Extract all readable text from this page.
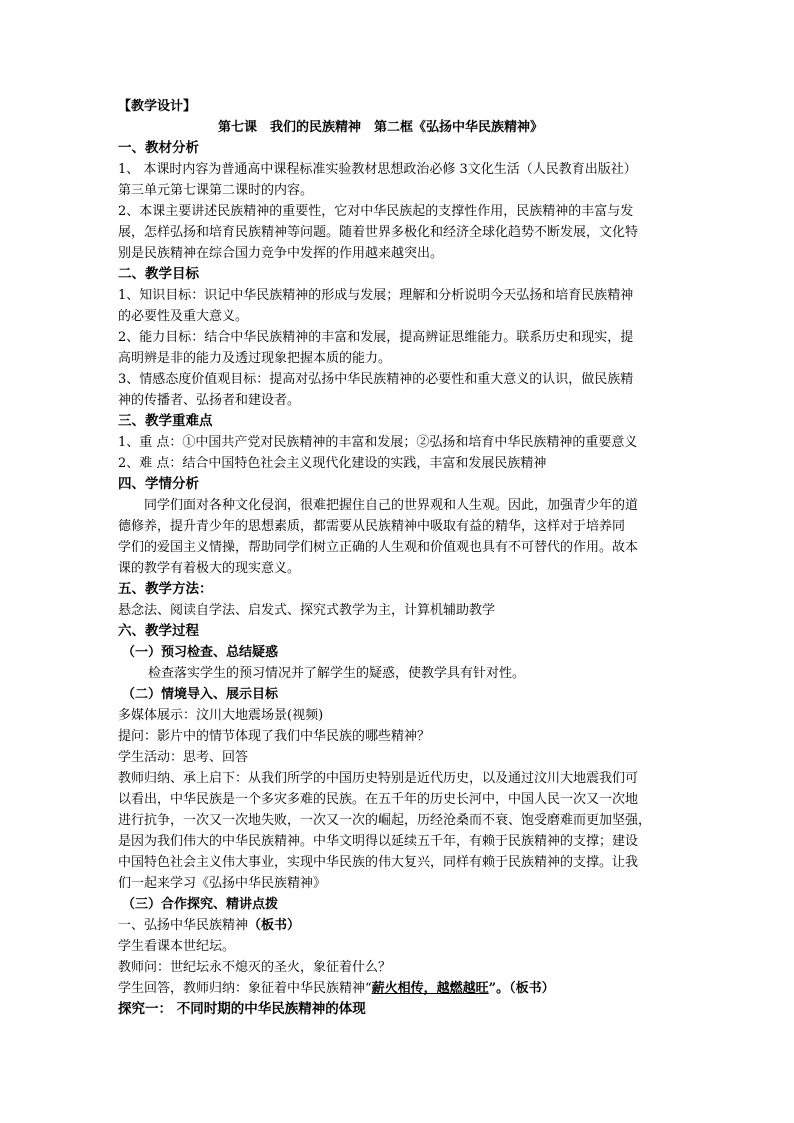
【教学设计】

第七课　我们的民族精神　第二框《弘扬中华民族精神》

一、教材分析

1、 本课时内容为普通高中课程标准实验教材思想政治必修 3文化生活（人民教育出版社）

第三单元第七课第二课时的内容。

2、本课主要讲述民族精神的重要性，它对中华民族起的支撑性作用，民族精神的丰富与发

展，怎样弘扬和培育民族精神等问题。随着世界多极化和经济全球化趋势不断发展，文化特

别是民族精神在综合国力竞争中发挥的作用越来越突出。

二、教学目标

1、知识目标：识记中华民族精神的形成与发展；理解和分析说明今天弘扬和培育民族精神

的必要性及重大意义。

2、能力目标：结合中华民族精神的丰富和发展，提高辨证思维能力。联系历史和现实，提

高明辨是非的能力及透过现象把握本质的能力。

3、情感态度价值观目标：提高对弘扬中华民族精神的必要性和重大意义的认识，做民族精

神的传播者、弘扬者和建设者。

三、教学重难点

1、重 点：①中国共产党对民族精神的丰富和发展；②弘扬和培育中华民族精神的重要意义

2、难 点：结合中国特色社会主义现代化建设的实践，丰富和发展民族精神

四、学情分析

同学们面对各种文化侵润，很难把握住自己的世界观和人生观。因此，加强青少年的道

德修养，提升青少年的思想素质，都需要从民族精神中吸取有益的精华，这样对于培养同

学们的爱国主义情操，帮助同学们树立正确的人生观和价值观也具有不可替代的作用。故本

课的教学有着极大的现实意义。

五、教学方法：

悬念法、阅读自学法、启发式、探究式教学为主，计算机辅助教学

六、教学过程

（一）预习检查、总结疑惑

检查落实学生的预习情况并了解学生的疑惑，使教学具有针对性。

（二）情境导入、展示目标

多媒体展示：汶川大地震场景(视频)

提问：影片中的情节体现了我们中华民族的哪些精神？

学生活动：思考、回答

教师归纳、承上启下：从我们所学的中国历史特别是近代历史，以及通过汶川大地震我们可

以看出，中华民族是一个多灾多难的民族。在五千年的历史长河中，中国人民一次又一次地

进行抗争，一次又一次地失败，一次又一次的崛起，历经沧桑而不衰、饱受磨难而更加坚强，

是因为我们伟大的中华民族精神。中华文明得以延续五千年，有赖于民族精神的支撑；建设

中国特色社会主义伟大事业，实现中华民族的伟大复兴，同样有赖于民族精神的支撑。让我

们一起来学习《弘扬中华民族精神》

（三）合作探究、精讲点拨

一、弘扬中华民族精神（板书）

学生看课本世纪坛。

教师问：世纪坛永不熄灭的圣火，象征着什么？

学生回答，教师归纳：象征着中华民族精神“薪火相传，越燃越旺”。（板书）

探究一： 不同时期的中华民族精神的体现
